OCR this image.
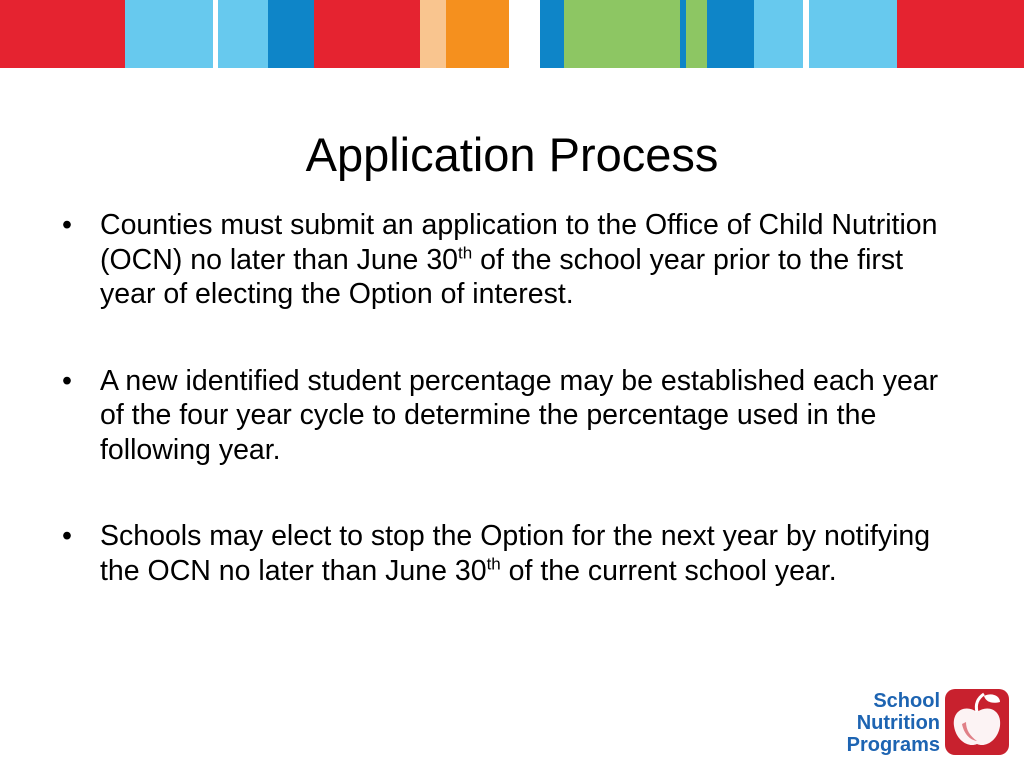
Application Process
• Counties must submit an application to the Office of Child Nutrition (OCN) no later than June 30th of the school year prior to the first year of electing the Option of interest.
• A new identified student percentage may be established each year of the four year cycle to determine the percentage used in the following year.
• Schools may elect to stop the Option for the next year by notifying the OCN no later than June 30th of the current school year.
School
Nutrition
Programs
